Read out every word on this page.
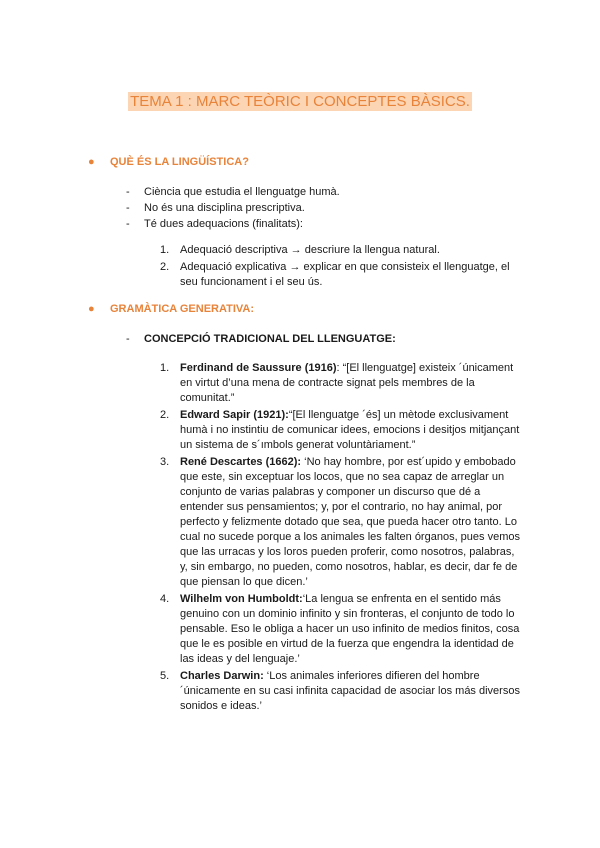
TEMA 1 : MARC TEÒRIC I CONCEPTES BÀSICS.
●	QUÈ ÉS LA LINGÜÍSTICA?
- Ciència que estudia el llenguatge humà.
- No és una disciplina prescriptiva.
- Té dues adequacions (finalitats):
1. Adequació descriptiva → descriure la llengua natural.
2. Adequació explicativa → explicar en que consisteix el llenguatge, el seu funcionament i el seu ús.
●	GRAMÀTICA GENERATIVA:
- CONCEPCIÓ TRADICIONAL DEL LLENGUATGE:
1. Ferdinand de Saussure (1916): “[El llenguatge] existeix ´únicament en virtut d’una mena de contracte signat pels membres de la comunitat.”
2. Edward Sapir (1921):“[El llenguatge ´és] un mètode exclusivament humà i no instintiu de comunicar idees, emocions i desitjos mitjançant un sistema de s´ımbols generat voluntàriament.”
3. René Descartes (1662): ‘No hay hombre, por est´upido y embobado que este, sin exceptuar los locos, que no sea capaz de arreglar un conjunto de varias palabras y componer un discurso que dé a entender sus pensamientos; y, por el contrario, no hay animal, por perfecto y felizmente dotado que sea, que pueda hacer otro tanto. Lo cual no sucede porque a los animales les falten órganos, pues vemos que las urracas y los loros pueden proferir, como nosotros, palabras, y, sin embargo, no pueden, como nosotros, hablar, es decir, dar fe de que piensan lo que dicen.’
4. Wilhelm von Humboldt:‘La lengua se enfrenta en el sentido más genuino con un dominio infinito y sin fronteras, el conjunto de todo lo pensable. Eso le obliga a hacer un uso infinito de medios finitos, cosa que le es posible en virtud de la fuerza que engendra la identidad de las ideas y del lenguaje.’
5. Charles Darwin: ‘Los animales inferiores difieren del hombre ´únicamente en su casi infinita capacidad de asociar los más diversos sonidos e ideas.’
